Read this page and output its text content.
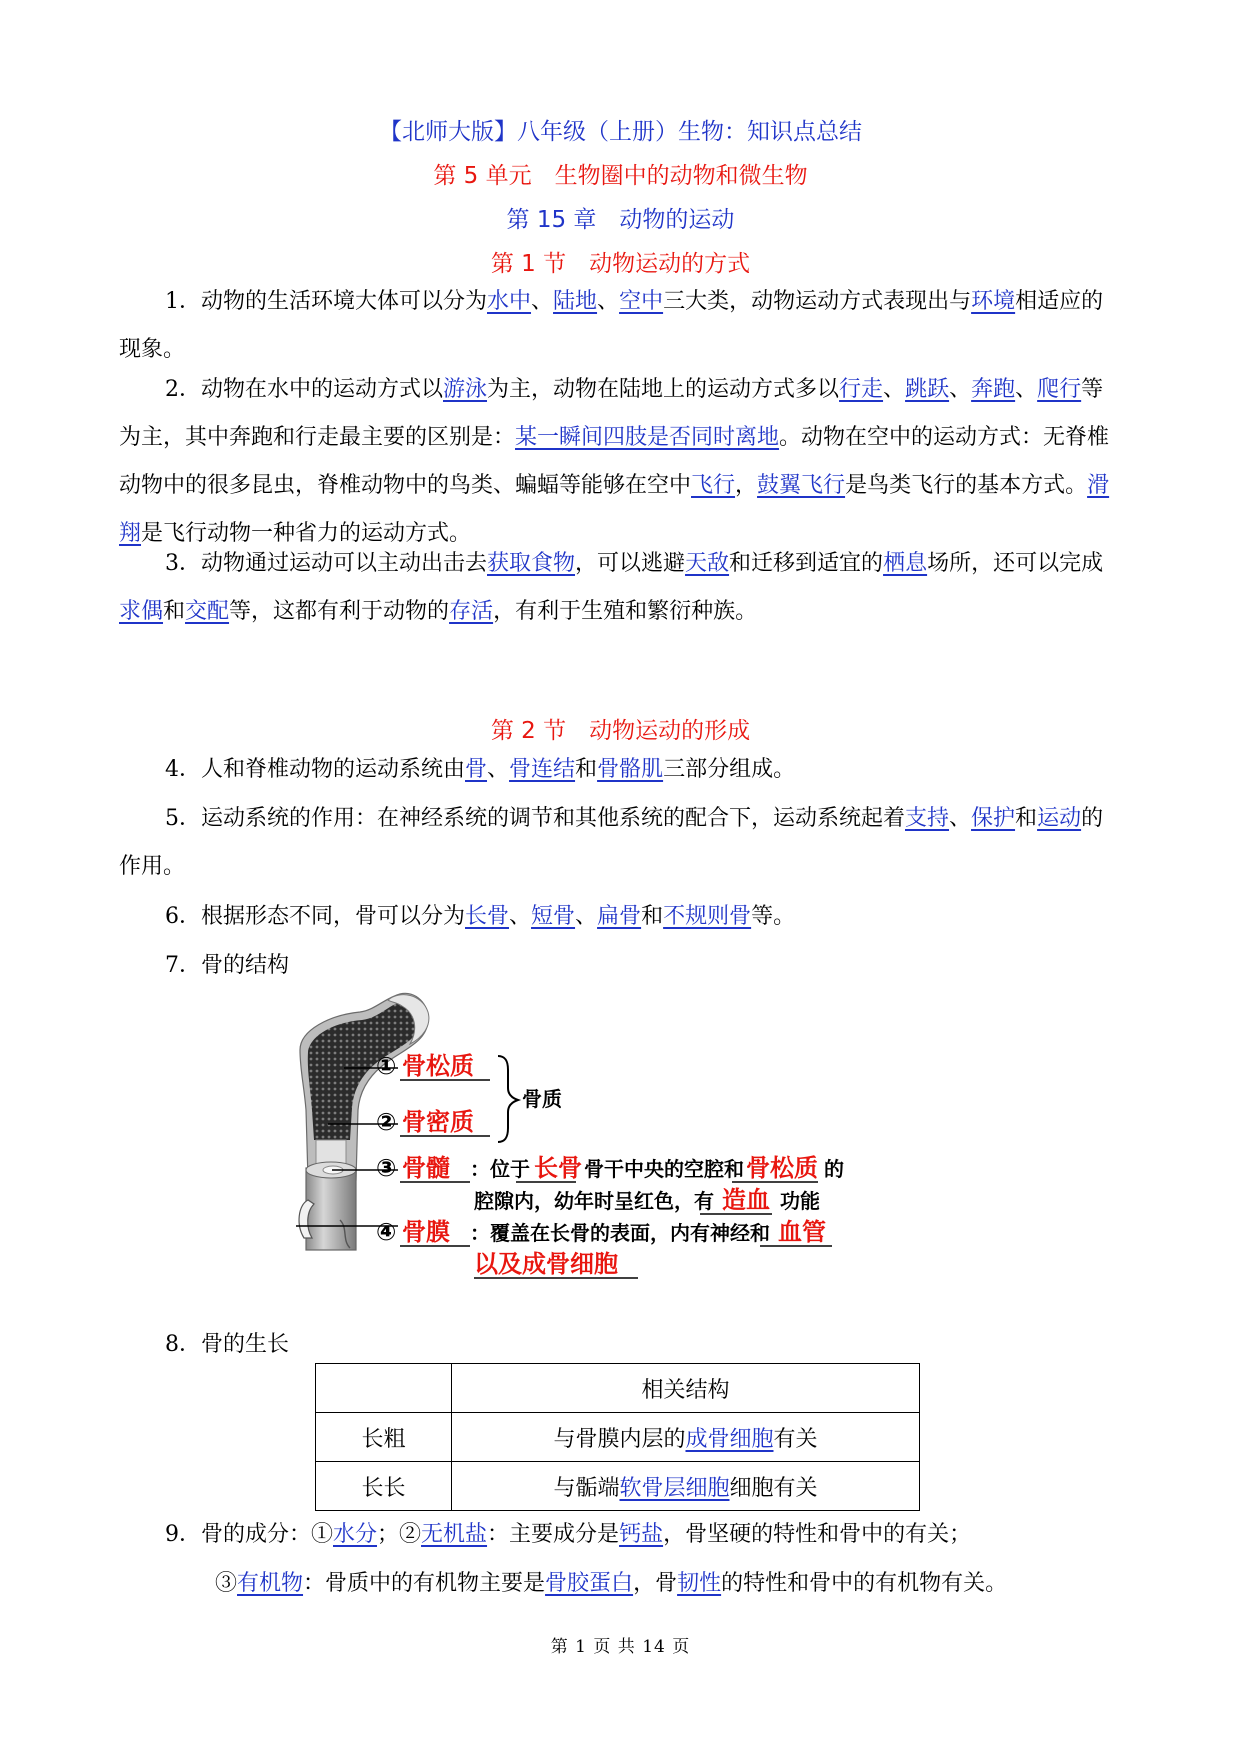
【北师大版】八年级（上册）生物：知识点总结
第 5 单元　生物圈中的动物和微生物
第 15 章　动物的运动
第 1 节　动物运动的方式

1．动物的生活环境大体可以分为水中、陆地、空中三大类，动物运动方式表现出与环境相适应的现象。

2．动物在水中的运动方式以游泳为主，动物在陆地上的运动方式多以行走、跳跃、奔跑、爬行等为主，其中奔跑和行走最主要的区别是：某一瞬间四肢是否同时离地。动物在空中的运动方式：无脊椎动物中的很多昆虫，脊椎动物中的鸟类、蝙蝠等能够在空中飞行，鼓翼飞行是鸟类飞行的基本方式。滑翔是飞行动物一种省力的运动方式。

3．动物通过运动可以主动出击去获取食物，可以逃避天敌和迁移到适宜的栖息场所，还可以完成求偶和交配等，这都有利于动物的存活，有利于生殖和繁衍种族。

第 2 节　动物运动的形成

4．人和脊椎动物的运动系统由骨、骨连结和骨骼肌三部分组成。

5．运动系统的作用：在神经系统的调节和其他系统的配合下，运动系统起着支持、保护和运动的作用。

6．根据形态不同，骨可以分为长骨、短骨、扁骨和不规则骨等。

7．骨的结构

① 骨松质
② 骨密质
骨质
③ 骨髓 ：位于 长骨 骨干中央的空腔和骨松质 的
腔隙内，幼年时呈红色，有 造血 功能
④ 骨膜 ：覆盖在长骨的表面，内有神经和 血管
以及成骨细胞

8．骨的生长

	相关结构
长粗	与骨膜内层的成骨细胞有关
长长	与骺端软骨层细胞细胞有关

9．骨的成分：①水分；②无机盐：主要成分是钙盐，骨坚硬的特性和骨中的有关；

③有机物：骨质中的有机物主要是骨胶蛋白，骨韧性的特性和骨中的有机物有关。

第 1 页 共 14 页
